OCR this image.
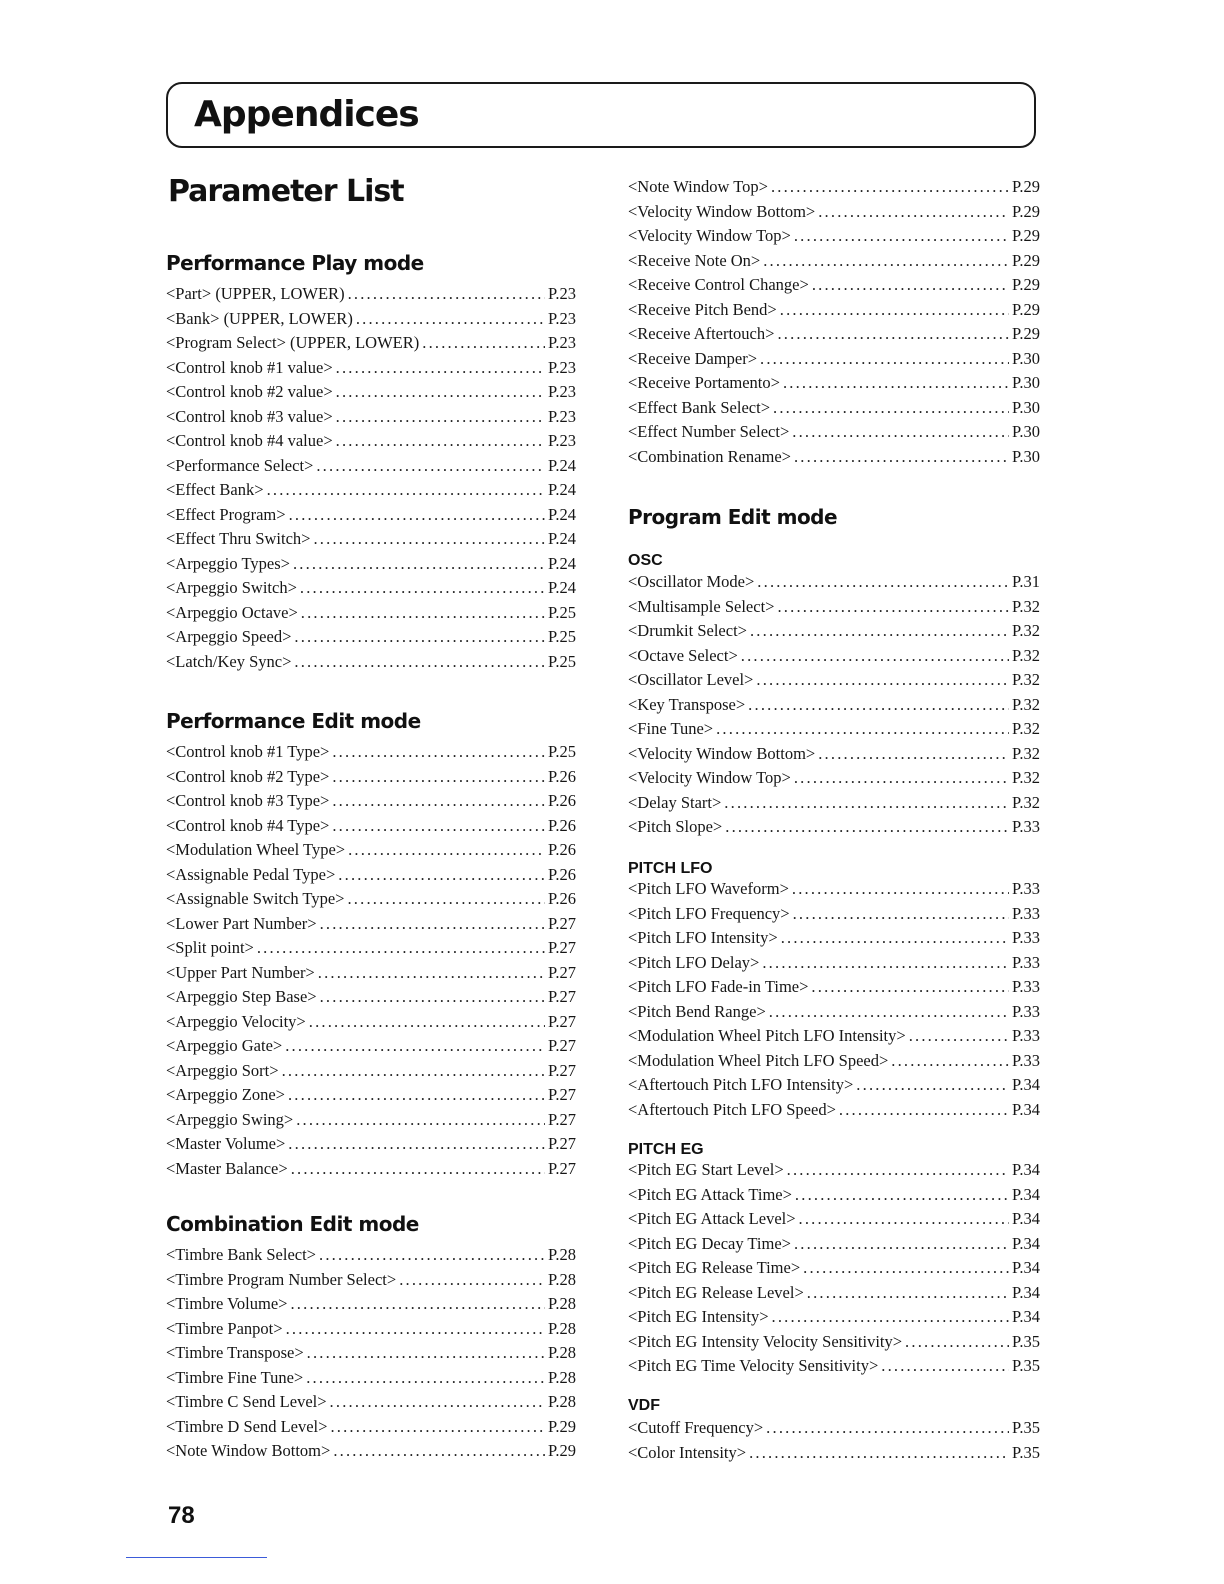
Appendices
Parameter List
Performance Play mode
<Part> (UPPER, LOWER) .....	P.23
<Bank> (UPPER, LOWER) .....	P.23
<Program Select> (UPPER, LOWER) .....	P.23
<Control knob #1 value> .....	P.23
<Control knob #2 value> .....	P.23
<Control knob #3 value> .....	P.23
<Control knob #4 value> .....	P.23
<Performance Select> .....	P.24
<Effect Bank> .....	P.24
<Effect Program> .....	P.24
<Effect Thru Switch> .....	P.24
<Arpeggio Types> .....	P.24
<Arpeggio Switch> .....	P.24
<Arpeggio Octave> .....	P.25
<Arpeggio Speed> .....	P.25
<Latch/Key Sync> .....	P.25
Performance Edit mode
<Control knob #1 Type> .....	P.25
<Control knob #2 Type> .....	P.26
<Control knob #3 Type> .....	P.26
<Control knob #4 Type> .....	P.26
<Modulation Wheel Type> .....	P.26
<Assignable Pedal Type> .....	P.26
<Assignable Switch Type> .....	P.26
<Lower Part Number> .....	P.27
<Split point> .....	P.27
<Upper Part Number> .....	P.27
<Arpeggio Step Base> .....	P.27
<Arpeggio Velocity> .....	P.27
<Arpeggio Gate> .....	P.27
<Arpeggio Sort> .....	P.27
<Arpeggio Zone> .....	P.27
<Arpeggio Swing> .....	P.27
<Master Volume> .....	P.27
<Master Balance> .....	P.27
Combination Edit mode
<Timbre Bank Select> .....	P.28
<Timbre Program Number Select> .....	P.28
<Timbre Volume> .....	P.28
<Timbre Panpot> .....	P.28
<Timbre Transpose> .....	P.28
<Timbre Fine Tune> .....	P.28
<Timbre C Send Level> .....	P.28
<Timbre D Send Level> .....	P.29
<Note Window Bottom> .....	P.29
<Note Window Top> .....	P.29
<Velocity Window Bottom> .....	P.29
<Velocity Window Top> .....	P.29
<Receive Note On> .....	P.29
<Receive Control Change> .....	P.29
<Receive Pitch Bend> .....	P.29
<Receive Aftertouch> .....	P.29
<Receive Damper> .....	P.30
<Receive Portamento> .....	P.30
<Effect Bank Select> .....	P.30
<Effect Number Select> .....	P.30
<Combination Rename> .....	P.30
Program Edit mode
OSC
<Oscillator Mode> .....	P.31
<Multisample Select> .....	P.32
<Drumkit Select> .....	P.32
<Octave Select> .....	P.32
<Oscillator Level> .....	P.32
<Key Transpose> .....	P.32
<Fine Tune> .....	P.32
<Velocity Window Bottom> .....	P.32
<Velocity Window Top> .....	P.32
<Delay Start> .....	P.32
<Pitch Slope> .....	P.33
PITCH LFO
<Pitch LFO Waveform> .....	P.33
<Pitch LFO Frequency> .....	P.33
<Pitch LFO Intensity> .....	P.33
<Pitch LFO Delay> .....	P.33
<Pitch LFO Fade-in Time> .....	P.33
<Pitch Bend Range> .....	P.33
<Modulation Wheel Pitch LFO Intensity> .....	P.33
<Modulation Wheel Pitch LFO Speed> .....	P.33
<Aftertouch Pitch LFO Intensity> .....	P.34
<Aftertouch Pitch LFO Speed> .....	P.34
PITCH EG
<Pitch EG Start Level> .....	P.34
<Pitch EG Attack Time> .....	P.34
<Pitch EG Attack Level> .....	P.34
<Pitch EG Decay Time> .....	P.34
<Pitch EG Release Time> .....	P.34
<Pitch EG Release Level> .....	P.34
<Pitch EG Intensity> .....	P.34
<Pitch EG Intensity Velocity Sensitivity> .....	P.35
<Pitch EG Time Velocity Sensitivity> .....	P.35
VDF
<Cutoff Frequency> .....	P.35
<Color Intensity> .....	P.35
78
